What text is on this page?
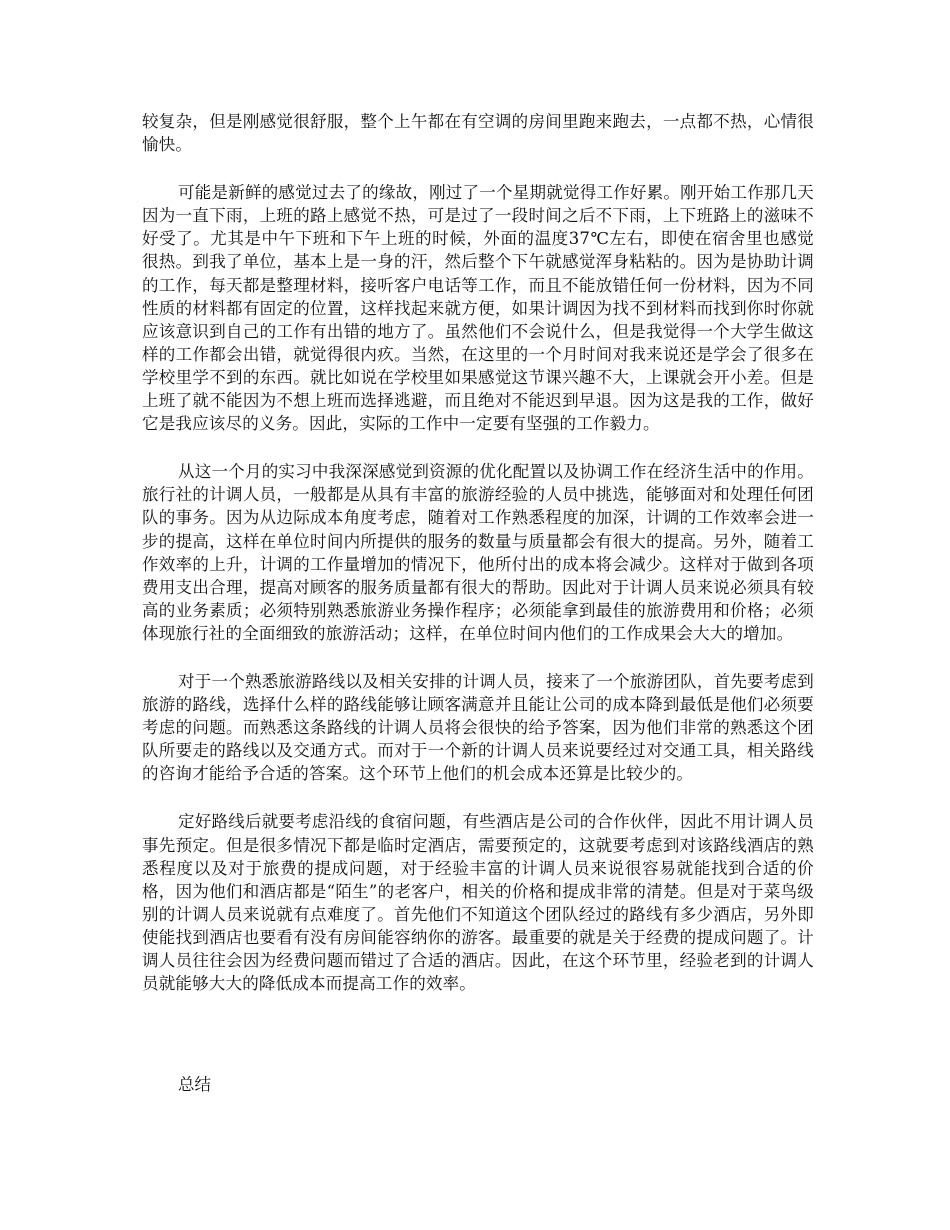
较复杂，但是刚感觉很舒服，整个上午都在有空调的房间里跑来跑去，一点都不热，心情很愉快。

可能是新鲜的感觉过去了的缘故，刚过了一个星期就觉得工作好累。刚开始工作那几天因为一直下雨，上班的路上感觉不热，可是过了一段时间之后不下雨，上下班路上的滋味不好受了。尤其是中午下班和下午上班的时候，外面的温度37℃左右，即使在宿舍里也感觉很热。到我了单位，基本上是一身的汗，然后整个下午就感觉浑身粘粘的。因为是协助计调的工作，每天都是整理材料，接听客户电话等工作，而且不能放错任何一份材料，因为不同性质的材料都有固定的位置，这样找起来就方便，如果计调因为找不到材料而找到你时你就应该意识到自己的工作有出错的地方了。虽然他们不会说什么，但是我觉得一个大学生做这样的工作都会出错，就觉得很内疚。当然，在这里的一个月时间对我来说还是学会了很多在学校里学不到的东西。就比如说在学校里如果感觉这节课兴趣不大，上课就会开小差。但是上班了就不能因为不想上班而选择逃避，而且绝对不能迟到早退。因为这是我的工作，做好它是我应该尽的义务。因此，实际的工作中一定要有坚强的工作毅力。

从这一个月的实习中我深深感觉到资源的优化配置以及协调工作在经济生活中的作用。旅行社的计调人员，一般都是从具有丰富的旅游经验的人员中挑选，能够面对和处理任何团队的事务。因为从边际成本角度考虑，随着对工作熟悉程度的加深，计调的工作效率会进一步的提高，这样在单位时间内所提供的服务的数量与质量都会有很大的提高。另外，随着工作效率的上升，计调的工作量增加的情况下，他所付出的成本将会减少。这样对于做到各项费用支出合理，提高对顾客的服务质量都有很大的帮助。因此对于计调人员来说必须具有较高的业务素质；必须特别熟悉旅游业务操作程序；必须能拿到最佳的旅游费用和价格；必须体现旅行社的全面细致的旅游活动；这样，在单位时间内他们的工作成果会大大的增加。

对于一个熟悉旅游路线以及相关安排的计调人员，接来了一个旅游团队，首先要考虑到旅游的路线，选择什么样的路线能够让顾客满意并且能让公司的成本降到最低是他们必须要考虑的问题。而熟悉这条路线的计调人员将会很快的给予答案，因为他们非常的熟悉这个团队所要走的路线以及交通方式。而对于一个新的计调人员来说要经过对交通工具，相关路线的咨询才能给予合适的答案。这个环节上他们的机会成本还算是比较少的。

定好路线后就要考虑沿线的食宿问题，有些酒店是公司的合作伙伴，因此不用计调人员事先预定。但是很多情况下都是临时定酒店，需要预定的，这就要考虑到对该路线酒店的熟悉程度以及对于旅费的提成问题，对于经验丰富的计调人员来说很容易就能找到合适的价格，因为他们和酒店都是“陌生”的老客户，相关的价格和提成非常的清楚。但是对于菜鸟级别的计调人员来说就有点难度了。首先他们不知道这个团队经过的路线有多少酒店，另外即使能找到酒店也要看有没有房间能容纳你的游客。最重要的就是关于经费的提成问题了。计调人员往往会因为经费问题而错过了合适的酒店。因此，在这个环节里，经验老到的计调人员就能够大大的降低成本而提高工作的效率。

总结
